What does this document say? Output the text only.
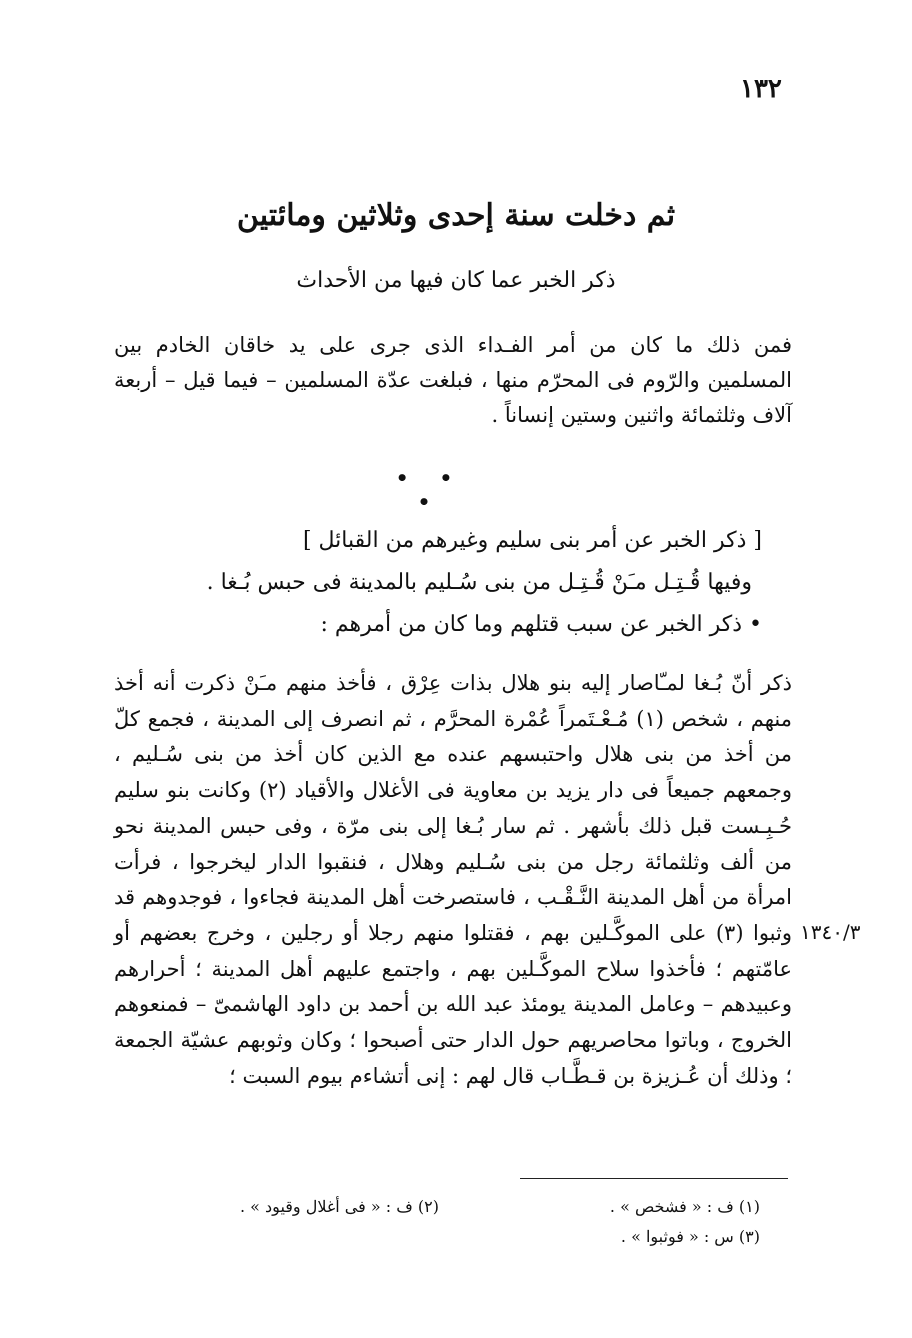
١٣٢
ثم دخلت سنة إحدى وثلاثين ومائتين
ذكر الخبر عما كان فيها من الأحداث

فمن ذلك ما كان من أمر الفـداء الذى جرى على يد خاقان الخادم بين المسلمين والرّوم فى المحرّم منها ، فبلغت عدّة المسلمين – فيما قيل – أربعة آلاف وثلثمائة واثنين وستين إنساناً .

• • •
[ ذكر الخبر عن أمر بنى سليم وغيرهم من القبائل ]
وفيها قُـتِـل مـَنْ قُـتِـل من بنى سُـليم بالمدينة فى حبس بُـغا .
• ذكر الخبر عن سبب قتلهم وما كان من أمرهم :

ذكر أنّ بُـغا لمـّاصار إليه بنو هلال بذات عِرْق ، فأخذ منهم مـَنْ ذكرت أنه أخذ منهم ، شخص (١) مُـعْـتَمراً عُمْرة المحرَّم ، ثم انصرف إلى المدينة ، فجمع كلّ من أخذ من بنى هلال واحتبسهم عنده مع الذين كان أخذ من بنى سُـليم ، وجمعهم جميعاً فى دار يزيد بن معاوية فى الأغلال والأقياد (٢) وكانت بنو سليم حُـبِـست قبل ذلك بأشهر . ثم سار بُـغا إلى بنى مرّة ، وفى حبس المدينة نحو من ألف وثلثمائة رجل من بنى سُـليم وهلال ، فنقبوا الدار ليخرجوا ، فرأت امرأة من أهل المدينة النَّـقْـب ، فاستصرخت أهل المدينة فجاءوا ، فوجدوهم قد وثبوا (٣) على الموكَّـلين بهم ، فقتلوا منهم رجلا أو رجلين ، وخرج بعضهم أو عامّتهم ؛ فأخذوا سلاح الموكَّـلين بهم ، واجتمع عليهم أهل المدينة ؛ أحرارهم وعبيدهم – وعامل المدينة يومئذ عبد الله بن أحمد بن داود الهاشمىّ – فمنعوهم الخروج ، وباتوا محاصريهم حول الدار حتى أصبحوا ؛ وكان وثوبهم عشيّة الجمعة ؛ وذلك أن عُـزيزة بن قـطَّـاب قال لهم : إنى أتشاءم بيوم السبت ؛

١٣٤٠/٣
(١) ف : « فشخص » .
(٢) ف : « فى أغلال وقيود » .
(٣) س : « فوثبوا » .
